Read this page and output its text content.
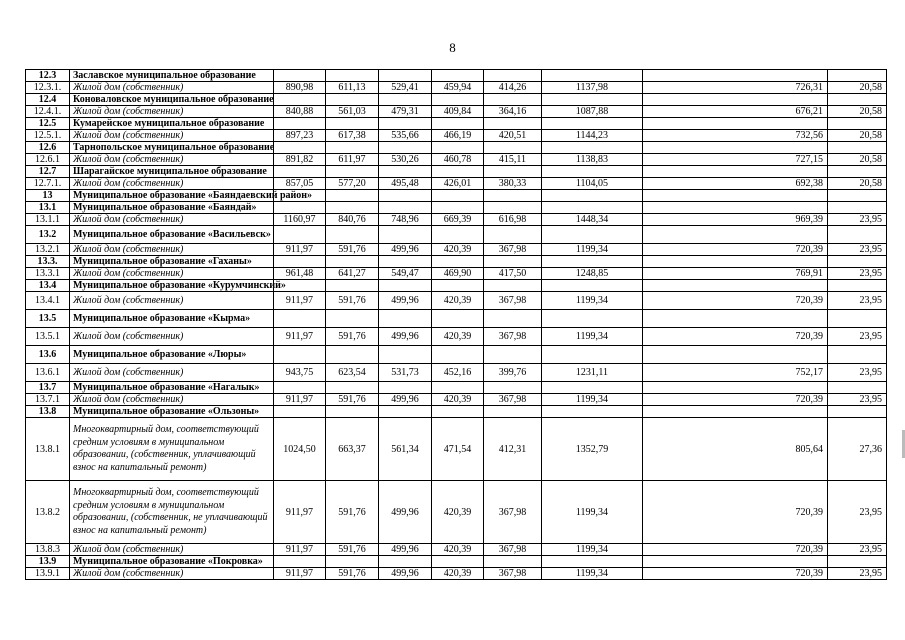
8
12.3	Заславское муниципальное образование								
12.3.1.	Жилой дом (собственник)	890,98	611,13	529,41	459,94	414,26	1137,98	726,31	20,58
12.4	Коноваловское муниципальное образование								
12.4.1.	Жилой дом (собственник)	840,88	561,03	479,31	409,84	364,16	1087,88	676,21	20,58
12.5	Кумарейское муниципальное образование								
12.5.1.	Жилой дом (собственник)	897,23	617,38	535,66	466,19	420,51	1144,23	732,56	20,58
12.6	Тарнопольское муниципальное образование								
12.6.1	Жилой дом (собственник)	891,82	611,97	530,26	460,78	415,11	1138,83	727,15	20,58
12.7	Шарагайское муниципальное образование								
12.7.1.	Жилой дом (собственник)	857,05	577,20	495,48	426,01	380,33	1104,05	692,38	20,58
13	Муниципальное образование «Баяндаевский район»								
13.1	Муниципальное образование «Баяндай»								
13.1.1	Жилой дом (собственник)	1160,97	840,76	748,96	669,39	616,98	1448,34	969,39	23,95
13.2	Муниципальное образование «Васильевск»								
13.2.1	Жилой дом (собственник)	911,97	591,76	499,96	420,39	367,98	1199,34	720,39	23,95
13.3.	Муниципальное образование «Гаханы»								
13.3.1	Жилой дом (собственник)	961,48	641,27	549,47	469,90	417,50	1248,85	769,91	23,95
13.4	Муниципальное образование «Курумчинский»								
13.4.1	Жилой дом (собственник)	911,97	591,76	499,96	420,39	367,98	1199,34	720,39	23,95
13.5	Муниципальное образование «Кырма»								
13.5.1	Жилой дом (собственник)	911,97	591,76	499,96	420,39	367,98	1199,34	720,39	23,95
13.6	Муниципальное образование «Люры»								
13.6.1	Жилой дом (собственник)	943,75	623,54	531,73	452,16	399,76	1231,11	752,17	23,95
13.7	Муниципальное образование «Нагалык»								
13.7.1	Жилой дом (собственник)	911,97	591,76	499,96	420,39	367,98	1199,34	720,39	23,95
13.8	Муниципальное образование «Ользоны»								
13.8.1	Многоквартирный дом, соответствующий средним условиям в муниципальном образовании, (собственник, уплачивающий взнос на капитальный ремонт)	1024,50	663,37	561,34	471,54	412,31	1352,79	805,64	27,36
13.8.2	Многоквартирный дом, соответствующий средним условиям в муниципальном образовании, (собственник, не уплачивающий взнос на капитальный ремонт)	911,97	591,76	499,96	420,39	367,98	1199,34	720,39	23,95
13.8.3	Жилой дом (собственник)	911,97	591,76	499,96	420,39	367,98	1199,34	720,39	23,95
13.9	Муниципальное образование «Покровка»								
13.9.1	Жилой дом (собственник)	911,97	591,76	499,96	420,39	367,98	1199,34	720,39	23,95
